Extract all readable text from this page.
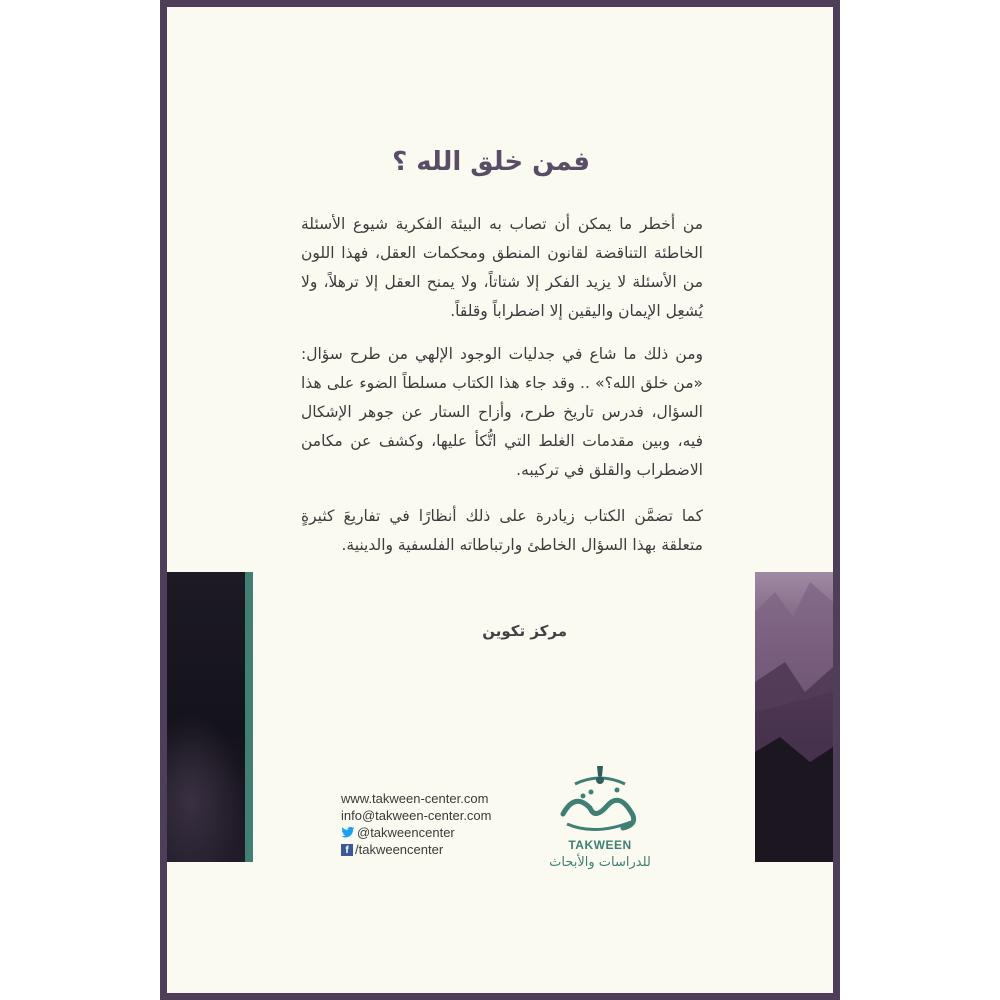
فمن خلق الله ؟

من أخطر ما يمكن أن تصاب به البيئة الفكرية شيوع الأسئلة الخاطئة التناقضة لقانون المنطق ومحكمات العقل، فهذا اللون من الأسئلة لا يزيد الفكر إلا شتاتاً، ولا يمنح العقل إلا ترهلاً، ولا يُشعِل الإيمان واليقين إلا اضطراباً وقلقاً.

ومن ذلك ما شاع في جدليات الوجود الإلهي من طرح سؤال: «من خلق الله؟» .. وقد جاء هذا الكتاب مسلطاً الضوء على هذا السؤال، فدرس تاريخ طرح، وأزاح الستار عن جوهر الإشكال فيه، وبين مقدمات الغلط التي اتُّكأ عليها، وكشف عن مكامن الاضطراب والقلق في تركيبه.

كما تضمَّن الكتاب زيادرة على ذلك أنظارًا في تفاريعَ كثيرةٍ متعلقة بهذا السؤال الخاطئ وارتباطاته الفلسفية والدينية.

مركز تكوين
TAKWEEN
للدراسات والأبحاث
www.takween-center.com
info@takween-center.com
@takweencenter
f /takweencenter
